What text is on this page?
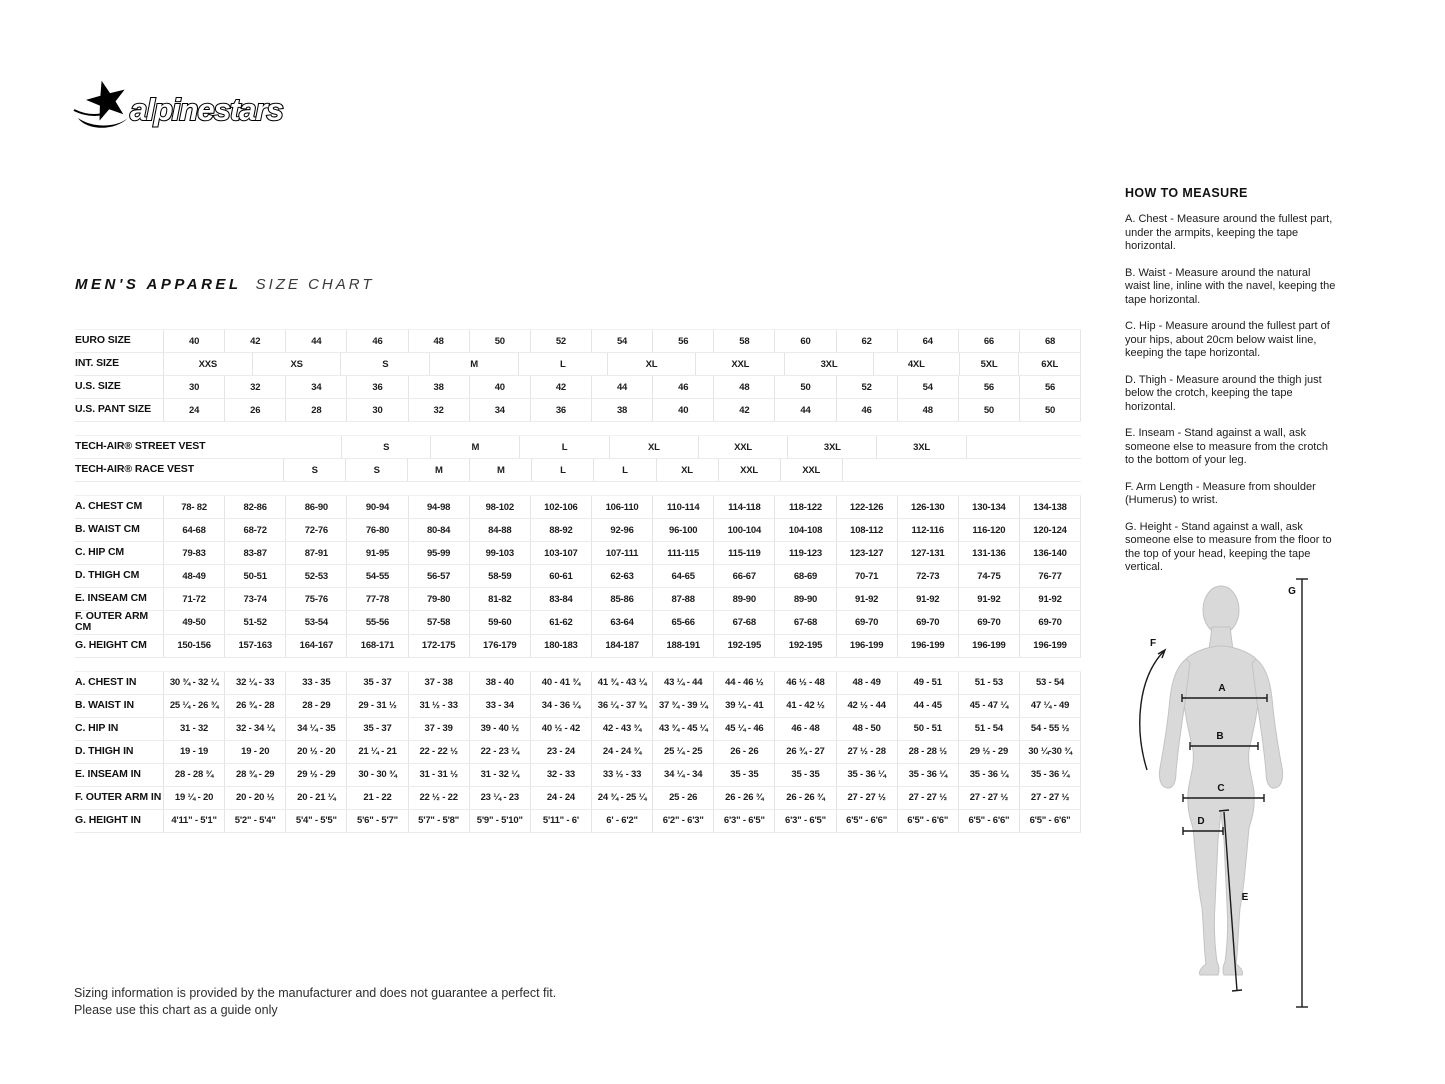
alpinestars
MEN'S APPAREL SIZE CHART
EURO SIZE	40	42	44	46	48	50	52	54	56	58	60	62	64	66	68
INT. SIZE	XXS	XS	S	M	L	XL	XXL	3XL	4XL	5XL	6XL
U.S. SIZE	30	32	34	36	38	40	42	44	46	48	50	52	54	56	56
U.S. PANT SIZE	24	26	28	30	32	34	36	38	40	42	44	46	48	50	50
TECH-AIR® STREET VEST	S	M	L	XL	XXL	3XL	3XL
TECH-AIR® RACE VEST	S	S	M	M	L	L	XL	XXL	XXL
A. CHEST CM	78- 82	82-86	86-90	90-94	94-98	98-102	102-106	106-110	110-114	114-118	118-122	122-126	126-130	130-134	134-138
B. WAIST CM	64-68	68-72	72-76	76-80	80-84	84-88	88-92	92-96	96-100	100-104	104-108	108-112	112-116	116-120	120-124
C. HIP CM	79-83	83-87	87-91	91-95	95-99	99-103	103-107	107-111	111-115	115-119	119-123	123-127	127-131	131-136	136-140
D. THIGH CM	48-49	50-51	52-53	54-55	56-57	58-59	60-61	62-63	64-65	66-67	68-69	70-71	72-73	74-75	76-77
E. INSEAM CM	71-72	73-74	75-76	77-78	79-80	81-82	83-84	85-86	87-88	89-90	89-90	91-92	91-92	91-92	91-92
F. OUTER ARM CM	49-50	51-52	53-54	55-56	57-58	59-60	61-62	63-64	65-66	67-68	67-68	69-70	69-70	69-70	69-70
G. HEIGHT CM	150-156	157-163	164-167	168-171	172-175	176-179	180-183	184-187	188-191	192-195	192-195	196-199	196-199	196-199	196-199
A. CHEST IN	30 ¾ - 32 ¼	32 ¼ - 33	33 - 35	35 - 37	37 - 38	38 - 40	40 - 41 ¾	41 ¾ - 43 ¼	43 ¼ - 44	44 - 46 ½	46 ½ - 48	48 - 49	49 - 51	51 - 53	53 - 54
B. WAIST IN	25 ¼ - 26 ¾	26 ¾ - 28	28 - 29	29 - 31 ½	31 ½ - 33	33 - 34	34 - 36 ¼	36 ¼ - 37 ¾	37 ¾ - 39 ¼	39 ¼ - 41	41 - 42 ½	42 ½ - 44	44 - 45	45 - 47 ¼	47 ¼ - 49
C. HIP IN	31 - 32	32 - 34 ¼	34 ¼ - 35	35 - 37	37 - 39	39 - 40 ½	40 ½ - 42	42 - 43 ¾	43 ¾ - 45 ¼	45 ¼ - 46	46 - 48	48 - 50	50 - 51	51 - 54	54 - 55 ½
D. THIGH IN	19 - 19	19 - 20	20 ½ - 20	21 ¼ - 21	22 - 22 ½	22 - 23 ¼	23 - 24	24 - 24 ¾	25 ¼ - 25	26 - 26	26 ¾ - 27	27 ½ - 28	28 - 28 ½	29 ½ - 29	30 ¼-30 ¾
E. INSEAM IN	28 - 28 ¾	28 ¾ - 29	29 ½ - 29	30 - 30 ¾	31 - 31 ½	31 - 32 ¼	32 - 33	33 ½ - 33	34 ¼ - 34	35 - 35	35 - 35	35 - 36 ¼	35 - 36 ¼	35 - 36 ¼	35 - 36 ¼
F. OUTER ARM IN	19 ¼ - 20	20 - 20 ½	20 - 21 ¼	21 - 22	22 ½ - 22	23 ¼ - 23	24 - 24	24 ¾ - 25 ¼	25 - 26	26 - 26 ¾	26 - 26 ¾	27 - 27 ½	27 - 27 ½	27 - 27 ½	27 - 27 ½
G. HEIGHT IN	4'11" - 5'1"	5'2" - 5'4"	5'4" - 5'5"	5'6" - 5'7"	5'7" - 5'8"	5'9" - 5'10"	5'11" - 6'	6' - 6'2"	6'2" - 6'3"	6'3" - 6'5"	6'3" - 6'5"	6'5" - 6'6"	6'5" - 6'6"	6'5" - 6'6"	6'5" - 6'6"
HOW TO MEASURE

A. Chest - Measure around the fullest part, under the armpits, keeping the tape horizontal.

B. Waist - Measure around the natural waist line, inline with the navel, keeping the tape horizontal.

C. Hip - Measure around the fullest part of your hips, about 20cm below waist line, keeping the tape horizontal.

D. Thigh - Measure around the thigh just below the crotch, keeping the tape horizontal.

E. Inseam - Stand against a wall, ask someone else to measure from the crotch to the bottom of your leg.

F. Arm Length - Measure from shoulder (Humerus) to wrist.

G. Height - Stand against a wall, ask someone else to measure from the floor to the top of your head, keeping the tape vertical.

A
B
C
D
E
F
G
Sizing information is provided by the manufacturer and does not guarantee a perfect fit.
Please use this chart as a guide only
